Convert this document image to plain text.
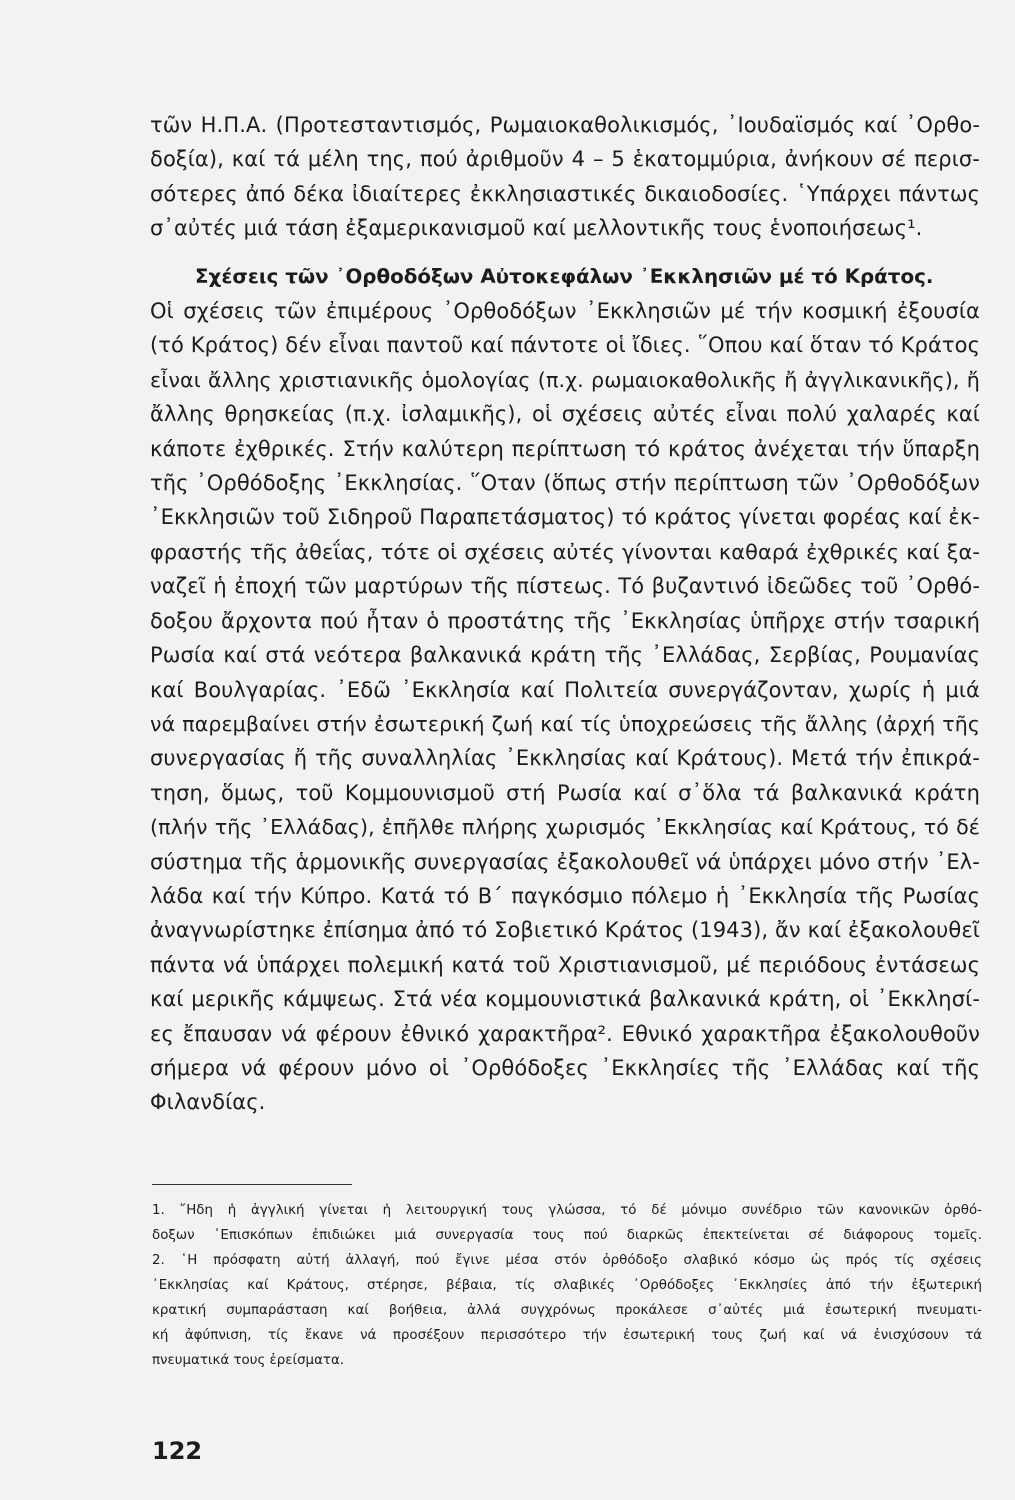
τῶν Η.Π.Α. (Προτεσταντισμός, Ρωμαιοκαθολικισμός, ᾿Ιουδαϊσμός καί ᾿Ορθο-
δοξία), καί τά μέλη της, πού ἀριθμοῦν 4 – 5 ἑκατομμύρια, ἀνήκουν σέ περισ-
σότερες ἀπό δέκα ἰδιαίτερες ἐκκλησιαστικές δικαιοδοσίες. ῾Υπάρχει πάντως
σ᾿αὐτές μιά τάση ἐξαμερικανισμοῦ καί μελλοντικῆς τους ἑνοποιήσεως¹.
Σχέσεις τῶν ᾿Ορθοδόξων Αὐτοκεφάλων ᾿Εκκλησιῶν μέ τό Κράτος.
Οἱ σχέσεις τῶν ἐπιμέρους ᾿Ορθοδόξων ᾿Εκκλησιῶν μέ τήν κοσμική ἐξουσία
(τό Κράτος) δέν εἶναι παντοῦ καί πάντοτε οἱ ἴδιες. ῞Οπου καί ὅταν τό Κράτος
εἶναι ἄλλης χριστιανικῆς ὁμολογίας (π.χ. ρωμαιοκαθολικῆς ἤ ἀγγλικανικῆς), ἤ
ἄλλης θρησκείας (π.χ. ἰσλαμικῆς), οἱ σχέσεις αὐτές εἶναι πολύ χαλαρές καί
κάποτε ἐχθρικές. Στήν καλύτερη περίπτωση τό κράτος ἀνέχεται τήν ὕπαρξη
τῆς ᾿Ορθόδοξης ᾿Εκκλησίας. ῞Οταν (ὅπως στήν περίπτωση τῶν ᾿Ορθοδόξων
᾿Εκκλησιῶν τοῦ Σιδηροῦ Παραπετάσματος) τό κράτος γίνεται φορέας καί ἐκ-
φραστής τῆς ἀθεΐας, τότε οἱ σχέσεις αὐτές γίνονται καθαρά ἐχθρικές καί ξα-
ναζεῖ ἡ ἐποχή τῶν μαρτύρων τῆς πίστεως. Τό βυζαντινό ἰδεῶδες τοῦ ᾿Ορθό-
δοξου ἄρχοντα πού ἦταν ὁ προστάτης τῆς ᾿Εκκλησίας ὑπῆρχε στήν τσαρική
Ρωσία καί στά νεότερα βαλκανικά κράτη τῆς ᾿Ελλάδας, Σερβίας, Ρουμανίας
καί Βουλγαρίας. ᾿Εδῶ ᾿Εκκλησία καί Πολιτεία συνεργάζονταν, χωρίς ἡ μιά
νά παρεμβαίνει στήν ἐσωτερική ζωή καί τίς ὑποχρεώσεις τῆς ἄλλης (ἀρχή τῆς
συνεργασίας ἤ τῆς συναλληλίας ᾿Εκκλησίας καί Κράτους). Μετά τήν ἐπικρά-
τηση, ὅμως, τοῦ Κομμουνισμοῦ στή Ρωσία καί σ᾿ὅλα τά βαλκανικά κράτη
(πλήν τῆς ᾿Ελλάδας), ἐπῆλθε πλήρης χωρισμός ᾿Εκκλησίας καί Κράτους, τό δέ
σύστημα τῆς ἁρμονικῆς συνεργασίας ἐξακολουθεῖ νά ὑπάρχει μόνο στήν ᾿Ελ-
λάδα καί τήν Κύπρο. Κατά τό Β΄ παγκόσμιο πόλεμο ἡ ᾿Εκκλησία τῆς Ρωσίας
ἀναγνωρίστηκε ἐπίσημα ἀπό τό Σοβιετικό Κράτος (1943), ἄν καί ἐξακολουθεῖ
πάντα νά ὑπάρχει πολεμική κατά τοῦ Χριστιανισμοῦ, μέ περιόδους ἐντάσεως
καί μερικῆς κάμψεως. Στά νέα κομμουνιστικά βαλκανικά κράτη, οἱ ᾿Εκκλησί-
ες ἔπαυσαν νά φέρουν ἐθνικό χαρακτῆρα². Εθνικό χαρακτῆρα ἐξακολουθοῦν
σήμερα νά φέρουν μόνο οἱ ᾿Ορθόδοξες ᾿Εκκλησίες τῆς ᾿Ελλάδας καί τῆς
Φιλανδίας.
1. ῎Ηδη ἡ ἀγγλική γίνεται ἡ λειτουργική τους γλώσσα, τό δέ μόνιμο συνέδριο τῶν κανονικῶν ὀρθό-
δοξων ᾿Επισκόπων ἐπιδιώκει μιά συνεργασία τους πού διαρκῶς ἐπεκτείνεται σέ διάφορους τομεῖς.
2. ῾Η πρόσφατη αὐτή ἀλλαγή, πού ἔγινε μέσα στόν ὀρθόδοξο σλαβικό κόσμο ὡς πρός τίς σχέσεις
᾿Εκκλησίας καί Κράτους, στέρησε, βέβαια, τίς σλαβικές ᾿Ορθόδοξες ᾿Εκκλησίες ἀπό τήν ἐξωτερική
κρατική συμπαράσταση καί βοήθεια, ἀλλά συγχρόνως προκάλεσε σ᾿αὐτές μιά ἐσωτερική πνευματι-
κή ἀφύπνιση, τίς ἔκανε νά προσέξουν περισσότερο τήν ἐσωτερική τους ζωή καί νά ἐνισχύσουν τά
πνευματικά τους ἐρείσματα.
122
